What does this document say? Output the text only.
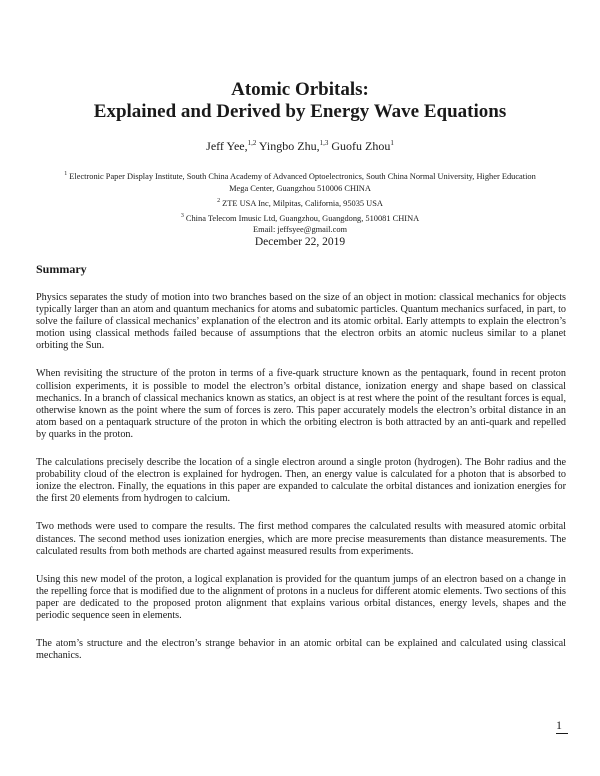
Atomic Orbitals:
Explained and Derived by Energy Wave Equations
Jeff Yee,$^{1,2}$ Yingbo Zhu,$^{1,3}$ Guofu Zhou$^1$
$^1$ Electronic Paper Display Institute, South China Academy of Advanced Optoelectronics, South China Normal University, Higher Education Mega Center, Guangzhou 510006 CHINA
$^2$ ZTE USA Inc, Milpitas, California, 95035 USA
$^3$ China Telecom Imusic Ltd, Guangzhou, Guangdong, 510081 CHINA
Email: jeffsyee@gmail.com
December 22, 2019
Summary

Physics separates the study of motion into two branches based on the size of an object in motion: classical mechanics for objects typically larger than an atom and quantum mechanics for atoms and subatomic particles. Quantum mechanics surfaced, in part, to solve the failure of classical mechanics’ explanation of the electron and its atomic orbital. Early attempts to explain the electron’s motion using classical methods failed because of assumptions that the electron orbits an atomic nucleus similar to a planet orbiting the Sun.

When revisiting the structure of the proton in terms of a five-quark structure known as the pentaquark, found in recent proton collision experiments, it is possible to model the electron’s orbital distance, ionization energy and shape based on classical mechanics. In a branch of classical mechanics known as statics, an object is at rest where the point of the resultant forces is equal, otherwise known as the point where the sum of forces is zero. This paper accurately models the electron’s orbital distance in an atom based on a pentaquark structure of the proton in which the orbiting electron is both attracted by an anti-quark and repelled by quarks in the proton.

The calculations precisely describe the location of a single electron around a single proton (hydrogen). The Bohr radius and the probability cloud of the electron is explained for hydrogen. Then, an energy value is calculated for a photon that is absorbed to ionize the electron. Finally, the equations in this paper are expanded to calculate the orbital distances and ionization energies for the first 20 elements from hydrogen to calcium.

Two methods were used to compare the results. The first method compares the calculated results with measured atomic orbital distances. The second method uses ionization energies, which are more precise measurements than distance measurements. The calculated results from both methods are charted against measured results from experiments.

Using this new model of the proton, a logical explanation is provided for the quantum jumps of an electron based on a change in the repelling force that is modified due to the alignment of protons in a nucleus for different atomic elements. Two sections of this paper are dedicated to the proposed proton alignment that explains various orbital distances, energy levels, shapes and the periodic sequence seen in elements.

The atom’s structure and the electron’s strange behavior in an atomic orbital can be explained and calculated using classical mechanics.

1
